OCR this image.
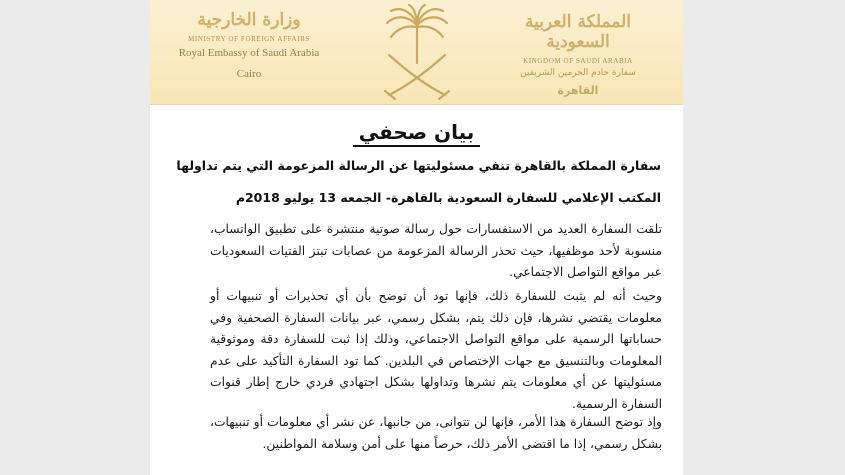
وزارة الخارجية
MINISTRY OF FOREIGN AFFAIRS
Royal Embassy of Saudi Arabia
Cairo
المملكة العربية السعودية
KINGDOM OF SAUDI ARABIA
سفارة خادم الحرمين الشريفين
القاهرة
بيان صحفي
سفارة المملكة بالقاهرة تنفي مسئوليتها عن الرسالة المزعومة التي يتم تداولها
المكتب الإعلامي للسفارة السعودية بالقاهرة- الجمعه 13 يوليو 2018م
تلقت السفارة العديد من الاستفسارات حول رسالة صوتية منتشرة على تطبيق الواتساب، منسوبة لأحد موظفيها، حيث تحذر الرسالة المزعومة من عصابات تبتز الفتيات السعوديات عبر مواقع التواصل الاجتماعي.
وحيث أنه لم يثبت للسفارة ذلك، فإنها تود أن توضح بأن أي تحذيرات أو تنبيهات أو معلومات يقتضي نشرها، فإن ذلك يتم، بشكل رسمي، عبر بيانات السفارة الصحفية وفي حساباتها الرسمية على مواقع التواصل الاجتماعي، وذلك إذا ثبت للسفارة دقة وموثوقية المعلومات وبالتنسيق مع جهات الإختصاص في البلدين. كما تود السفارة التأكيد على عدم مسئوليتها عن أي معلومات يتم نشرها وتداولها بشكل اجتهادي فردي خارج إطار قنوات السفارة الرسمية.
وإذ توضح السفارة هذا الأمر، فإنها لن تتوانى، من جانبها، عن نشر أي معلومات أو تنبيهات، بشكل رسمي، إذا ما اقتضى الأمر ذلك، حرصاً منها على أمن وسلامة المواطنين.
